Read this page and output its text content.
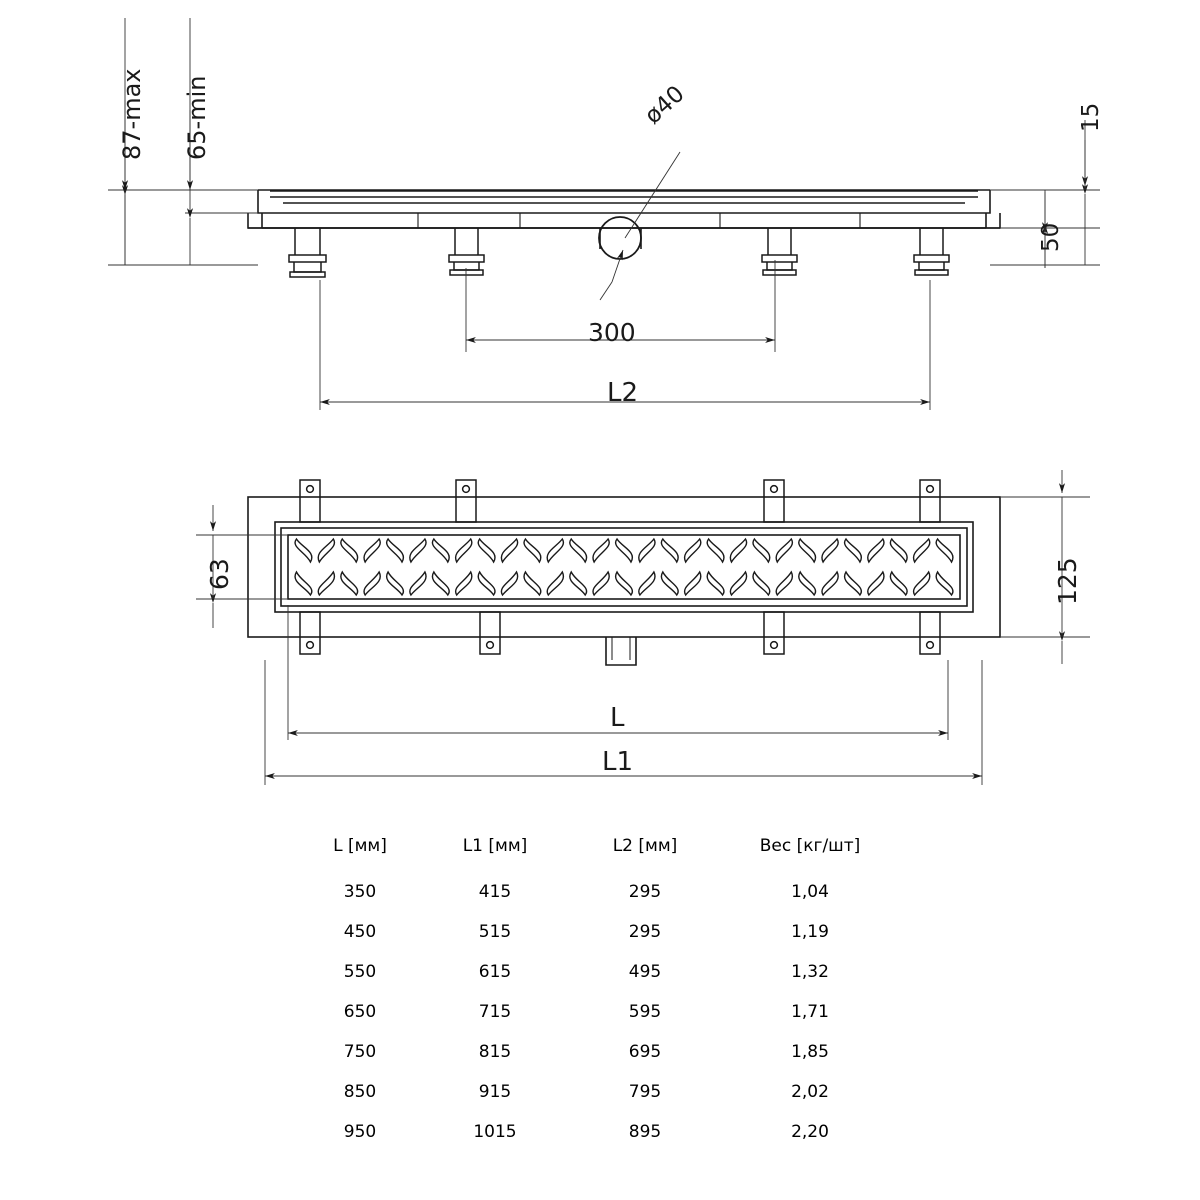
87-max 65-min	ø40	15
50
300
L2
63	125
L
L1
L [мм]	L1 [мм]	L2 [мм]	Вес [кг/шт]
350	415	295	1,04
450	515	295	1,19
550	615	495	1,32
650	715	595	1,71
750	815	695	1,85
850	915	795	2,02
950	1015	895	2,20
